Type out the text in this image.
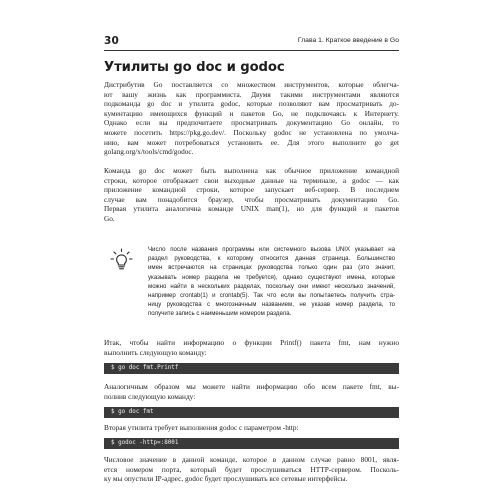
30	Глава 1. Краткое введение в Go
Утилиты go doc и godoc
Дистрибутив Go поставляется со множеством инструментов, которые облегча-
ют вашу жизнь как программиста. Двумя такими инструментами являются
подкоманда go doc и утилита godoc, которые позволяют вам просматривать до-
кументацию имеющихся функций и пакетов Go, не подключаясь к Интернету.
Однако если вы предпочитаете просматривать документацию Go онлайн, то
можете посетить https://pkg.go.dev/. Поскольку godoc не установлена по умолча-
нию, вам может потребоваться установить ее. Для этого выполните go get
golang.org/x/tools/cmd/godoc.
Команда go doc может быть выполнена как обычное приложение командной
строки, которое отображает свои выходные данные на терминале, а godoc — как
приложение командной строки, которое запускает веб-сервер. В последнем
случае вам понадобится браузер, чтобы просматривать документацию Go.
Первая утилита аналогична команде UNIX man(1), но для функций и пакетов
Go.
Число после названия программы или системного вызова UNIX указывает на
раздел руководства, к которому относится данная страница. Большинство
имен встречаются на страницах руководства только один раз (это значит,
указывать номер раздела не требуется), однако существуют имена, которые
можно найти в нескольких разделах, поскольку они имеют несколько значений,
например crontab(1) и crontab(5). Так что если вы попытаетесь получить стра-
ницу руководства с многозначным названием, не указав номер раздела, то
получите запись с наименьшим номером раздела.
Итак, чтобы найти информацию о функции Printf() пакета fmt, нам нужно
выполнить следующую команду:
$ go doc fmt.Printf
Аналогичным образом мы можете найти информацию обо всем пакете fmt, вы-
полнив следующую команду:
$ go doc fmt
Вторая утилита требует выполнения godoc с параметром -http:
$ godoc -http=:8001
Числовое значение в данной команде, которое в данном случае равно 8001, явля-
ется номером порта, который будет прослушиваться HTTP-сервером. Посколь-
ку мы опустили IP-адрес, godoc будет прослушивать все сетевые интерфейсы.
